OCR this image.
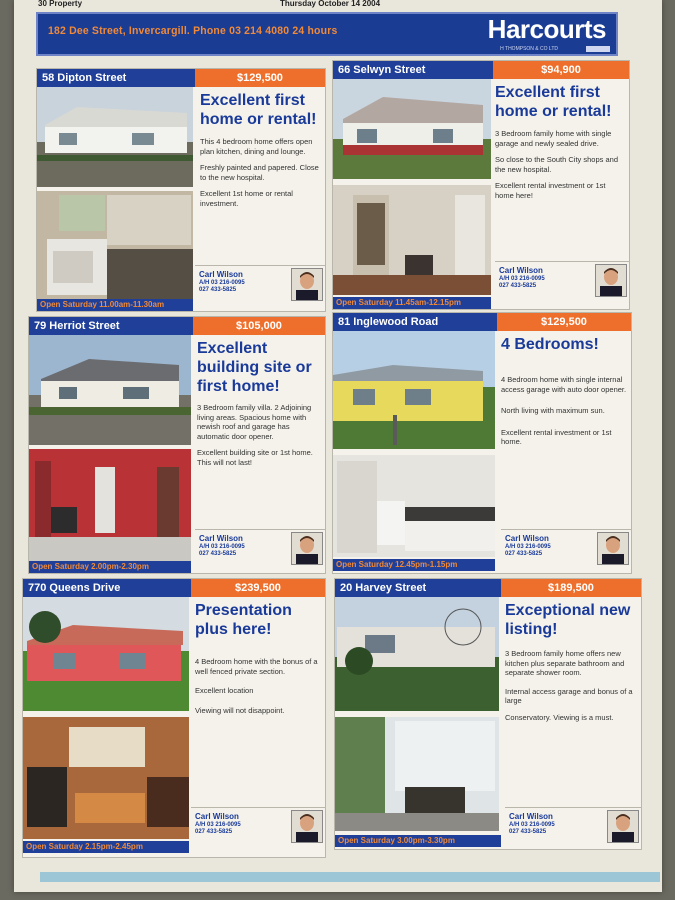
30 Property	Thursday October 14 2004
182 Dee Street, Invercargill. Phone 03 214 4080 24 hours	Harcourts
H THOMPSON & CO LTD
58 Dipton Street	$129,500
Excellent first home or rental!

This 4 bedroom home offers open plan kitchen, dining and lounge.

Freshly painted and papered. Close to the new hospital.

Excellent 1st home or rental investment.

Carl Wilson
A/H 03 216-0095
027 433-5825
Open Saturday 11.00am-11.30am
66 Selwyn Street	$94,900
Excellent first home or rental!

3 Bedroom family home with single garage and newly sealed drive.

So close to the South City shops and the new hospital.

Excellent rental investment or 1st home here!

Carl Wilson
A/H 03 216-0095
027 433-5825
Open Saturday 11.45am-12.15pm
79 Herriot Street	$105,000
Excellent building site or first home!

3 Bedroom family villa. 2 Adjoining living areas. Spacious home with newish roof and garage has automatic door opener.

Excellent building site or 1st home. This will not last!

Carl Wilson
A/H 03 216-0095
027 433-5825
Open Saturday 2.00pm-2.30pm
81 Inglewood Road	$129,500
4 Bedrooms!

4 Bedroom home with single internal access garage with auto door opener.

North living with maximum sun.

Excellent rental investment or 1st home.

Carl Wilson
A/H 03 216-0095
027 433-5825
Open Saturday 12.45pm-1.15pm
770 Queens Drive	$239,500
Presentation plus here!

4 Bedroom home with the bonus of a well fenced private section.

Excellent location

Viewing will not disappoint.

Carl Wilson
A/H 03 216-0095
027 433-5825
Open Saturday 2.15pm-2.45pm
20 Harvey Street	$189,500
Exceptional new listing!

3 Bedroom family home offers new kitchen plus separate bathroom and separate shower room.

Internal access garage and bonus of a large

Conservatory. Viewing is a must.

Carl Wilson
A/H 03 216-0095
027 433-5825
Open Saturday 3.00pm-3.30pm
